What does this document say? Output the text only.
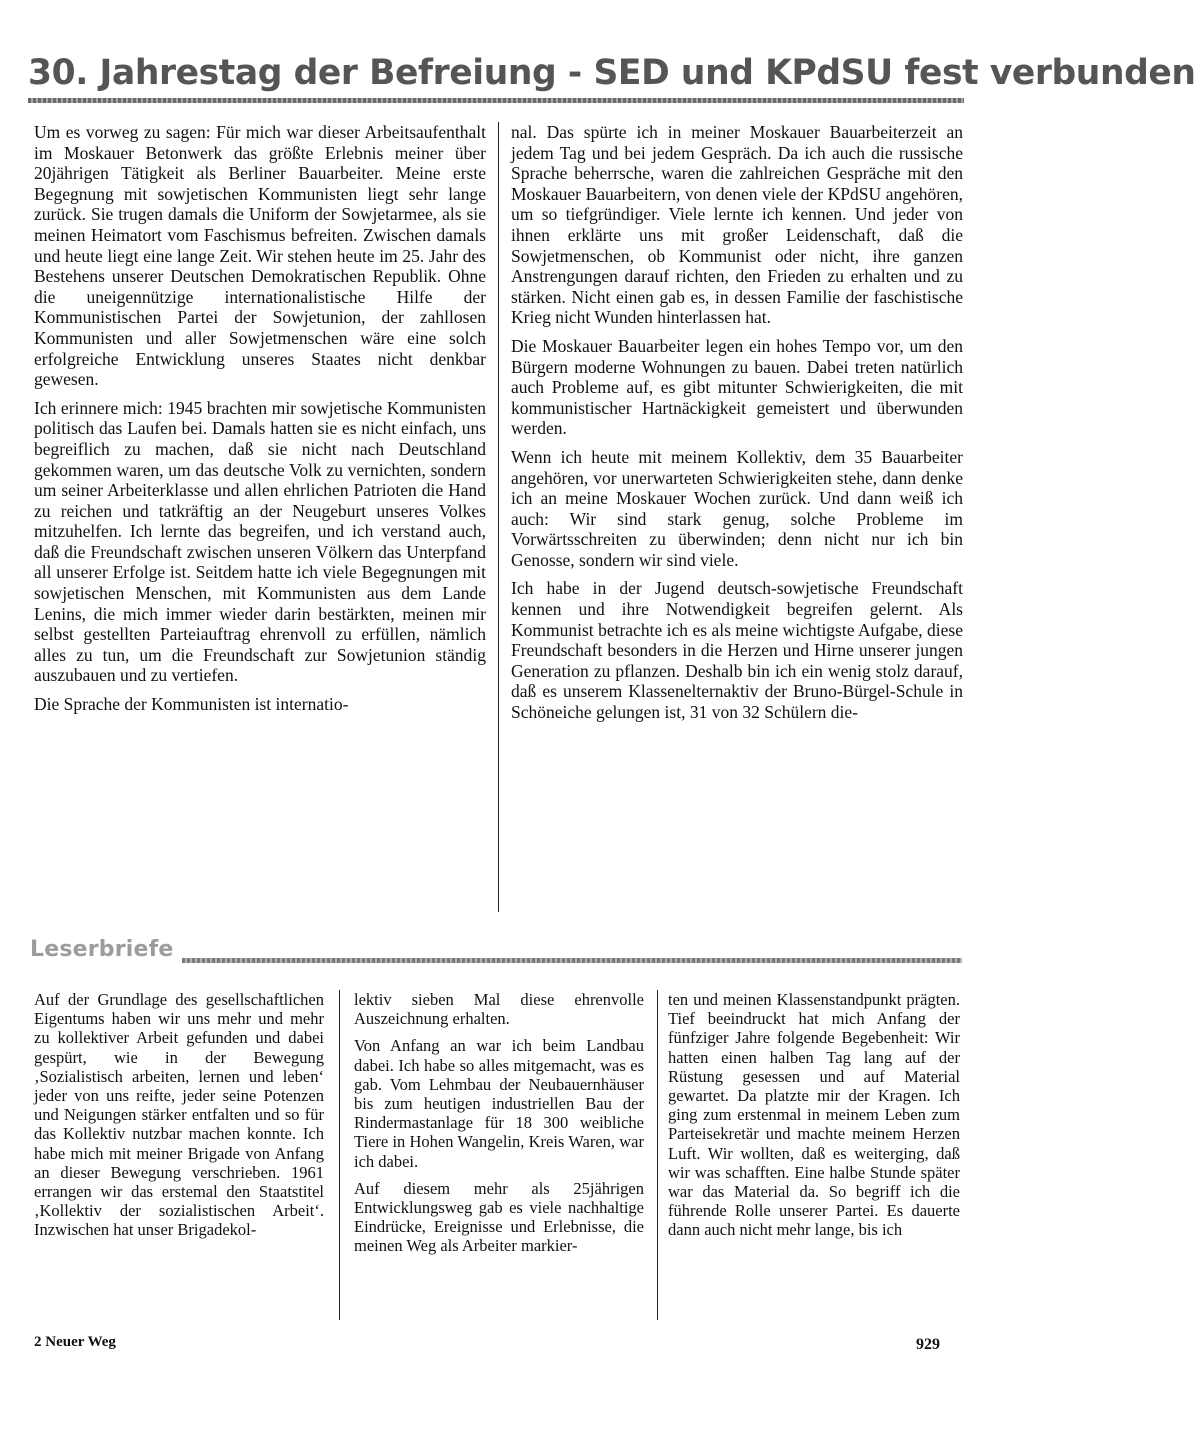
30. Jahrestag der Befreiung - SED und KPdSU fest verbunden

Um es vorweg zu sagen: Für mich war dieser Arbeitsaufenthalt im Moskauer Betonwerk das größte Erlebnis meiner über 20jährigen Tätigkeit als Berliner Bauarbeiter. Meine erste Begegnung mit sowjetischen Kommunisten liegt sehr lange zurück. Sie trugen damals die Uniform der Sowjetarmee, als sie meinen Heimatort vom Faschismus befreiten. Zwischen damals und heute liegt eine lange Zeit. Wir stehen heute im 25. Jahr des Bestehens unserer Deutschen Demokratischen Republik. Ohne die uneigennützige internationalistische Hilfe der Kommunistischen Partei der Sowjetunion, der zahllosen Kommunisten und aller Sowjetmenschen wäre eine solch erfolgreiche Entwicklung unseres Staates nicht denkbar gewesen.

Ich erinnere mich: 1945 brachten mir sowjetische Kommunisten politisch das Laufen bei. Damals hatten sie es nicht einfach, uns begreiflich zu machen, daß sie nicht nach Deutschland gekommen waren, um das deutsche Volk zu vernichten, sondern um seiner Arbeiterklasse und allen ehrlichen Patrioten die Hand zu reichen und tatkräftig an der Neugeburt unseres Volkes mitzuhelfen. Ich lernte das begreifen, und ich verstand auch, daß die Freundschaft zwischen unseren Völkern das Unterpfand all unserer Erfolge ist. Seitdem hatte ich viele Begegnungen mit sowjetischen Menschen, mit Kommunisten aus dem Lande Lenins, die mich immer wieder darin bestärkten, meinen mir selbst gestellten Parteiauftrag ehrenvoll zu erfüllen, nämlich alles zu tun, um die Freundschaft zur Sowjetunion ständig auszubauen und zu vertiefen.

Die Sprache der Kommunisten ist internatio-

nal. Das spürte ich in meiner Moskauer Bauarbeiterzeit an jedem Tag und bei jedem Gespräch. Da ich auch die russische Sprache beherrsche, waren die zahlreichen Gespräche mit den Moskauer Bauarbeitern, von denen viele der KPdSU angehören, um so tiefgründiger. Viele lernte ich kennen. Und jeder von ihnen erklärte uns mit großer Leidenschaft, daß die Sowjetmenschen, ob Kommunist oder nicht, ihre ganzen Anstrengungen darauf richten, den Frieden zu erhalten und zu stärken. Nicht einen gab es, in dessen Familie der faschistische Krieg nicht Wunden hinterlassen hat.

Die Moskauer Bauarbeiter legen ein hohes Tempo vor, um den Bürgern moderne Wohnungen zu bauen. Dabei treten natürlich auch Probleme auf, es gibt mitunter Schwierigkeiten, die mit kommunistischer Hartnäckigkeit gemeistert und überwunden werden.

Wenn ich heute mit meinem Kollektiv, dem 35 Bauarbeiter angehören, vor unerwarteten Schwierigkeiten stehe, dann denke ich an meine Moskauer Wochen zurück. Und dann weiß ich auch: Wir sind stark genug, solche Probleme im Vorwärtsschreiten zu überwinden; denn nicht nur ich bin Genosse, sondern wir sind viele.

Ich habe in der Jugend deutsch-sowjetische Freundschaft kennen und ihre Notwendigkeit begreifen gelernt. Als Kommunist betrachte ich es als meine wichtigste Aufgabe, diese Freundschaft besonders in die Herzen und Hirne unserer jungen Generation zu pflanzen. Deshalb bin ich ein wenig stolz darauf, daß es unserem Klassenelternaktiv der Bruno-Bürgel-Schule in Schöneiche gelungen ist, 31 von 32 Schülern die-

Leserbriefe

Auf der Grundlage des gesellschaftlichen Eigentums haben wir uns mehr und mehr zu kollektiver Arbeit gefunden und dabei gespürt, wie in der Bewegung ‚Sozialistisch arbeiten, lernen und leben‘ jeder von uns reifte, jeder seine Potenzen und Neigungen stärker entfalten und so für das Kollektiv nutzbar machen konnte. Ich habe mich mit meiner Brigade von Anfang an dieser Bewegung verschrieben. 1961 errangen wir das erstemal den Staatstitel ‚Kollektiv der sozialistischen Arbeit‘. Inzwischen hat unser Brigadekol-

lektiv sieben Mal diese ehrenvolle Auszeichnung erhalten.

Von Anfang an war ich beim Landbau dabei. Ich habe so alles mitgemacht, was es gab. Vom Lehmbau der Neubauernhäuser bis zum heutigen industriellen Bau der Rindermastanlage für 18 300 weibliche Tiere in Hohen Wangelin, Kreis Waren, war ich dabei.

Auf diesem mehr als 25jährigen Entwicklungsweg gab es viele nachhaltige Eindrücke, Ereignisse und Erlebnisse, die meinen Weg als Arbeiter markier-

ten und meinen Klassenstandpunkt prägten. Tief beeindruckt hat mich Anfang der fünfziger Jahre folgende Begebenheit: Wir hatten einen halben Tag lang auf der Rüstung gesessen und auf Material gewartet. Da platzte mir der Kragen. Ich ging zum erstenmal in meinem Leben zum Parteisekretär und machte meinem Herzen Luft. Wir wollten, daß es weiterging, daß wir was schafften. Eine halbe Stunde später war das Material da. So begriff ich die führende Rolle unserer Partei. Es dauerte dann auch nicht mehr lange, bis ich

2 Neuer Weg	929
